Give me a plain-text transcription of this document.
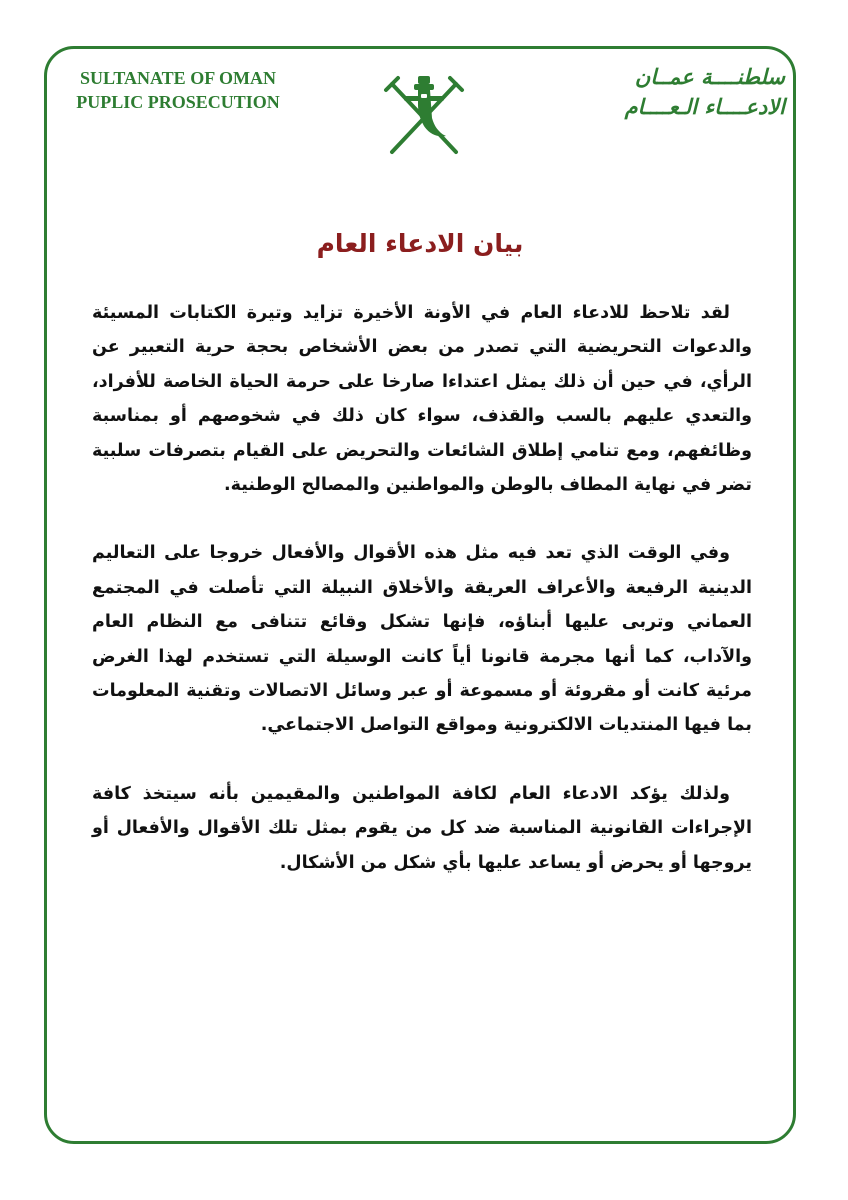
SULTANATE OF OMAN
PUPLIC PROSECUTION
سلطنــــة عمــان
الادعــــاء الـعــــام
بيان الادعاء العام

لقد تلاحظ للادعاء العام في الأونة الأخيرة تزايد وتيرة الكتابات المسيئة والدعوات التحريضية التي تصدر من بعض الأشخاص بحجة حرية التعبير عن الرأي، في حين أن ذلك يمثل اعتداءا صارخا على حرمة الحياة الخاصة للأفراد، والتعدي عليهم بالسب والقذف، سواء كان ذلك في شخوصهم أو بمناسبة وظائفهم، ومع تنامي إطلاق الشائعات والتحريض على القيام بتصرفات سلبية تضر في نهاية المطاف بالوطن والمواطنين والمصالح الوطنية.

وفي الوقت الذي تعد فيه مثل هذه الأقوال والأفعال خروجا على التعاليم الدينية الرفيعة والأعراف العريقة والأخلاق النبيلة التي تأصلت في المجتمع العماني وتربى عليها أبناؤه، فإنها تشكل وقائع تتنافى مع النظام العام والآداب، كما أنها مجرمة قانونا أياً كانت الوسيلة التي تستخدم لهذا الغرض مرئية كانت أو مقروئة أو مسموعة أو عبر وسائل الاتصالات وتقنية المعلومات بما فيها المنتديات الالكترونية ومواقع التواصل الاجتماعي.

ولذلك يؤكد الادعاء العام لكافة المواطنين والمقيمين بأنه سيتخذ كافة الإجراءات القانونية المناسبة ضد كل من يقوم بمثل تلك الأقوال والأفعال أو يروجها أو يحرض أو يساعد عليها بأي شكل من الأشكال.
